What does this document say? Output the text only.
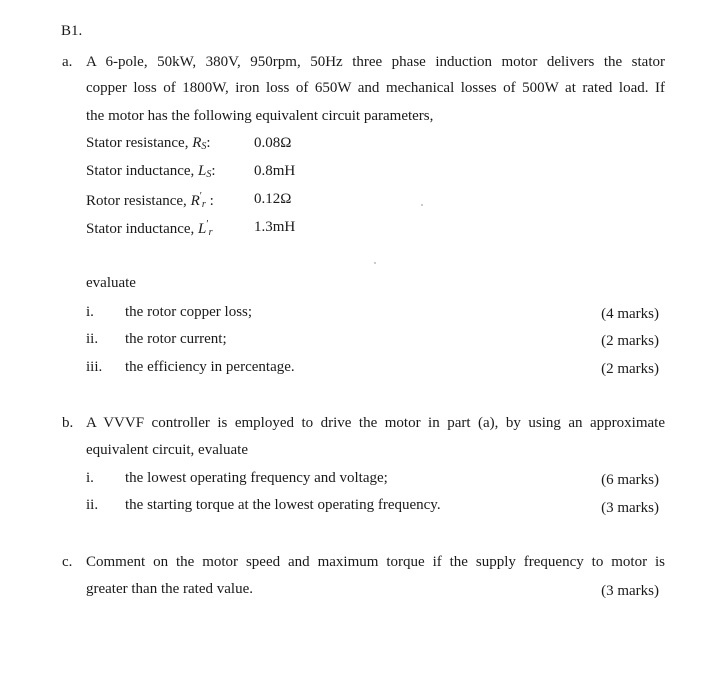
B1.
a. A 6-pole, 50kW, 380V, 950rpm, 50Hz three phase induction motor delivers the stator
copper loss of 1800W, iron loss of 650W and mechanical losses of 500W at rated load. If
the motor has the following equivalent circuit parameters,
Stator resistance, $R_S$:	0.08Ω
Stator inductance, $L_S$:	0.8mH
Rotor resistance, $R'_r$ :	0.12Ω
Stator inductance, $L'_r$	1.3mH
evaluate
i. the rotor copper loss;	(4 marks)
ii. the rotor current;	(2 marks)
iii. the efficiency in percentage.	(2 marks)
b. A VVVF controller is employed to drive the motor in part (a), by using an approximate
equivalent circuit, evaluate
i. the lowest operating frequency and voltage;	(6 marks)
ii. the starting torque at the lowest operating frequency.	(3 marks)
c. Comment on the motor speed and maximum torque if the supply frequency to motor is
greater than the rated value.	(3 marks)
